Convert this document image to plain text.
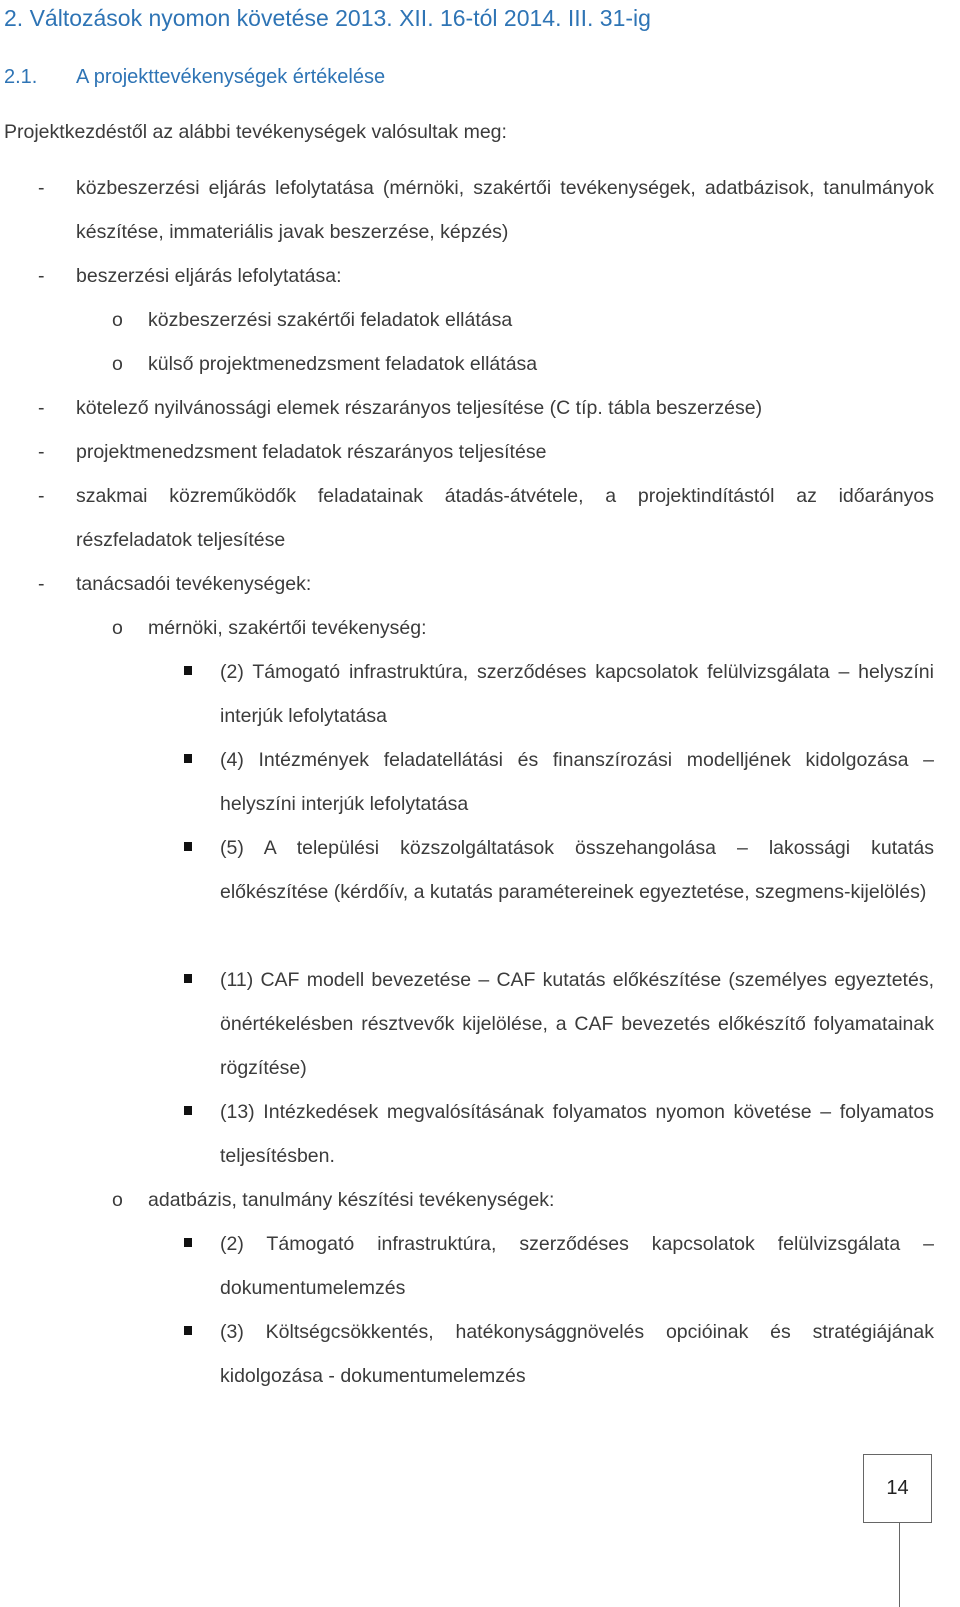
2. Változások nyomon követése 2013. XII. 16-tól 2014. III. 31-ig
2.1. A projekttevékenységek értékelése
Projektkezdéstől az alábbi tevékenységek valósultak meg:
- közbeszerzési eljárás lefolytatása (mérnöki, szakértői tevékenységek, adatbázisok, tanulmányok készítése, immateriális javak beszerzése, képzés)
- beszerzési eljárás lefolytatása:
o közbeszerzési szakértői feladatok ellátása
o külső projektmenedzsment feladatok ellátása
- kötelező nyilvánossági elemek részarányos teljesítése (C típ. tábla beszerzése)
- projektmenedzsment feladatok részarányos teljesítése
- szakmai közreműködők feladatainak átadás-átvétele, a projektindítástól az időarányos részfeladatok teljesítése
- tanácsadói tevékenységek:
o mérnöki, szakértői tevékenység:
(2) Támogató infrastruktúra, szerződéses kapcsolatok felülvizsgálata – helyszíni interjúk lefolytatása
(4) Intézmények feladatellátási és finanszírozási modelljének kidolgozása – helyszíni interjúk lefolytatása
(5) A települési közszolgáltatások összehangolása – lakossági kutatás előkészítése (kérdőív, a kutatás paramétereinek egyeztetése, szegmens-kijelölés)
(11) CAF modell bevezetése – CAF kutatás előkészítése (személyes egyeztetés, önértékelésben résztvevők kijelölése, a CAF bevezetés előkészítő folyamatainak rögzítése)
(13) Intézkedések megvalósításának folyamatos nyomon követése – folyamatos teljesítésben.
o adatbázis, tanulmány készítési tevékenységek:
(2) Támogató infrastruktúra, szerződéses kapcsolatok felülvizsgálata – dokumentumelemzés
(3) Költségcsökkentés, hatékonysággnövelés opcióinak és stratégiájának kidolgozása - dokumentumelemzés
14
